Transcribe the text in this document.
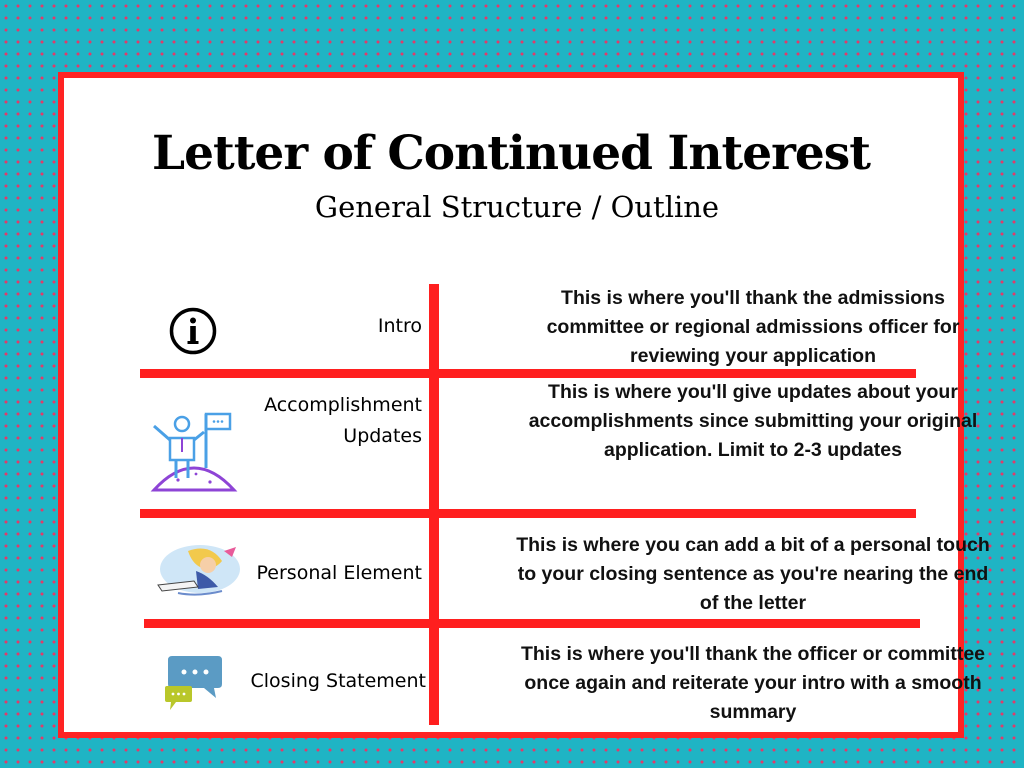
Letter of Continued Interest
General Structure / Outline
Intro
This is where you'll thank the admissions committee or regional admissions officer for reviewing your application
Accomplishment
Updates
This is where you'll give updates about your accomplishments since submitting your original application. Limit to 2-3 updates
Personal Element
This is where you can add a bit of a personal touch to your closing sentence as you're nearing the end of the letter
Closing Statement
This is where you'll thank the officer or committee once again and reiterate your intro with a smooth summary
